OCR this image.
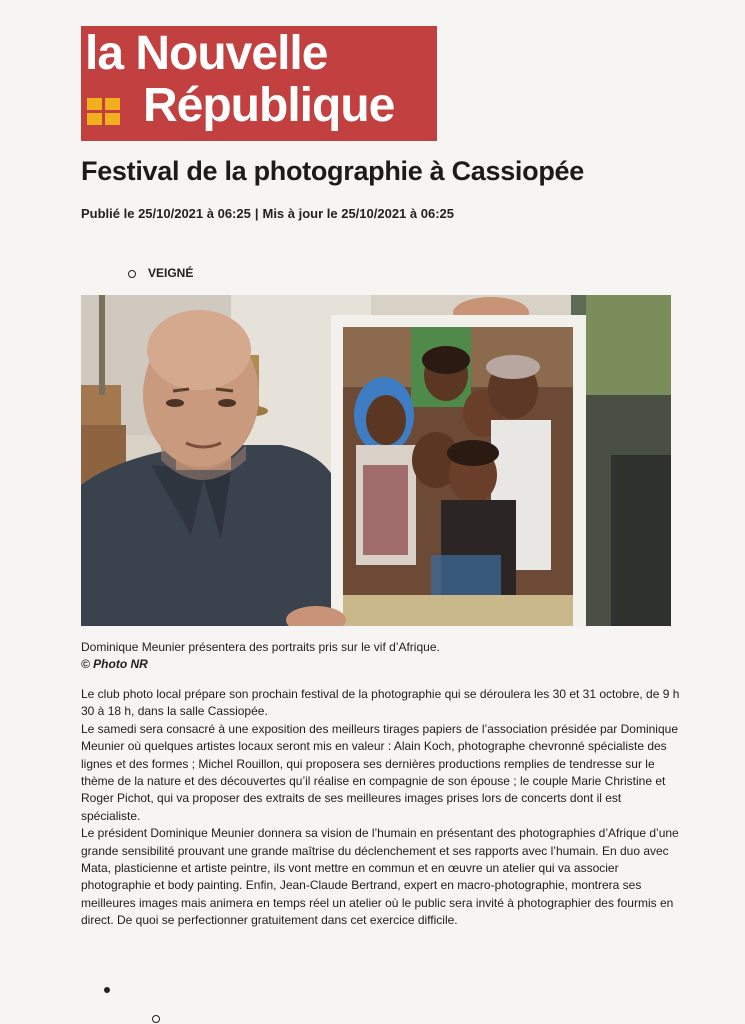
la Nouvelle
République
Festival de la photographie à Cassiopée
Publié le 25/10/2021 à 06:25 | Mis à jour le 25/10/2021 à 06:25
VEIGNÉ
Dominique Meunier présentera des portraits pris sur le vif d’Afrique.
© Photo NR

Le club photo local prépare son prochain festival de la photographie qui se déroulera les 30 et 31 octobre, de 9 h 30 à 18 h, dans la salle Cassiopée.

Le samedi sera consacré à une exposition des meilleurs tirages papiers de l’association présidée par Dominique Meunier où quelques artistes locaux seront mis en valeur : Alain Koch, photographe chevronné spécialiste des lignes et des formes ; Michel Rouillon, qui proposera ses dernières productions remplies de tendresse sur le thème de la nature et des découvertes qu’il réalise en compagnie de son épouse ; le couple Marie Christine et Roger Pichot, qui va proposer des extraits de ses meilleures images prises lors de concerts dont il est spécialiste.

Le président Dominique Meunier donnera sa vision de l’humain en présentant des photographies d’Afrique d’une grande sensibilité prouvant une grande maîtrise du déclenchement et ses rapports avec l’humain. En duo avec Mata, plasticienne et artiste peintre, ils vont mettre en commun et en œuvre un atelier qui va associer photographie et body painting. Enfin, Jean-Claude Bertrand, expert en macro-photographie, montrera ses meilleures images mais animera en temps réel un atelier où le public sera invité à photographier des fourmis en direct. De quoi se perfectionner gratuitement dans cet exercice difficile.
